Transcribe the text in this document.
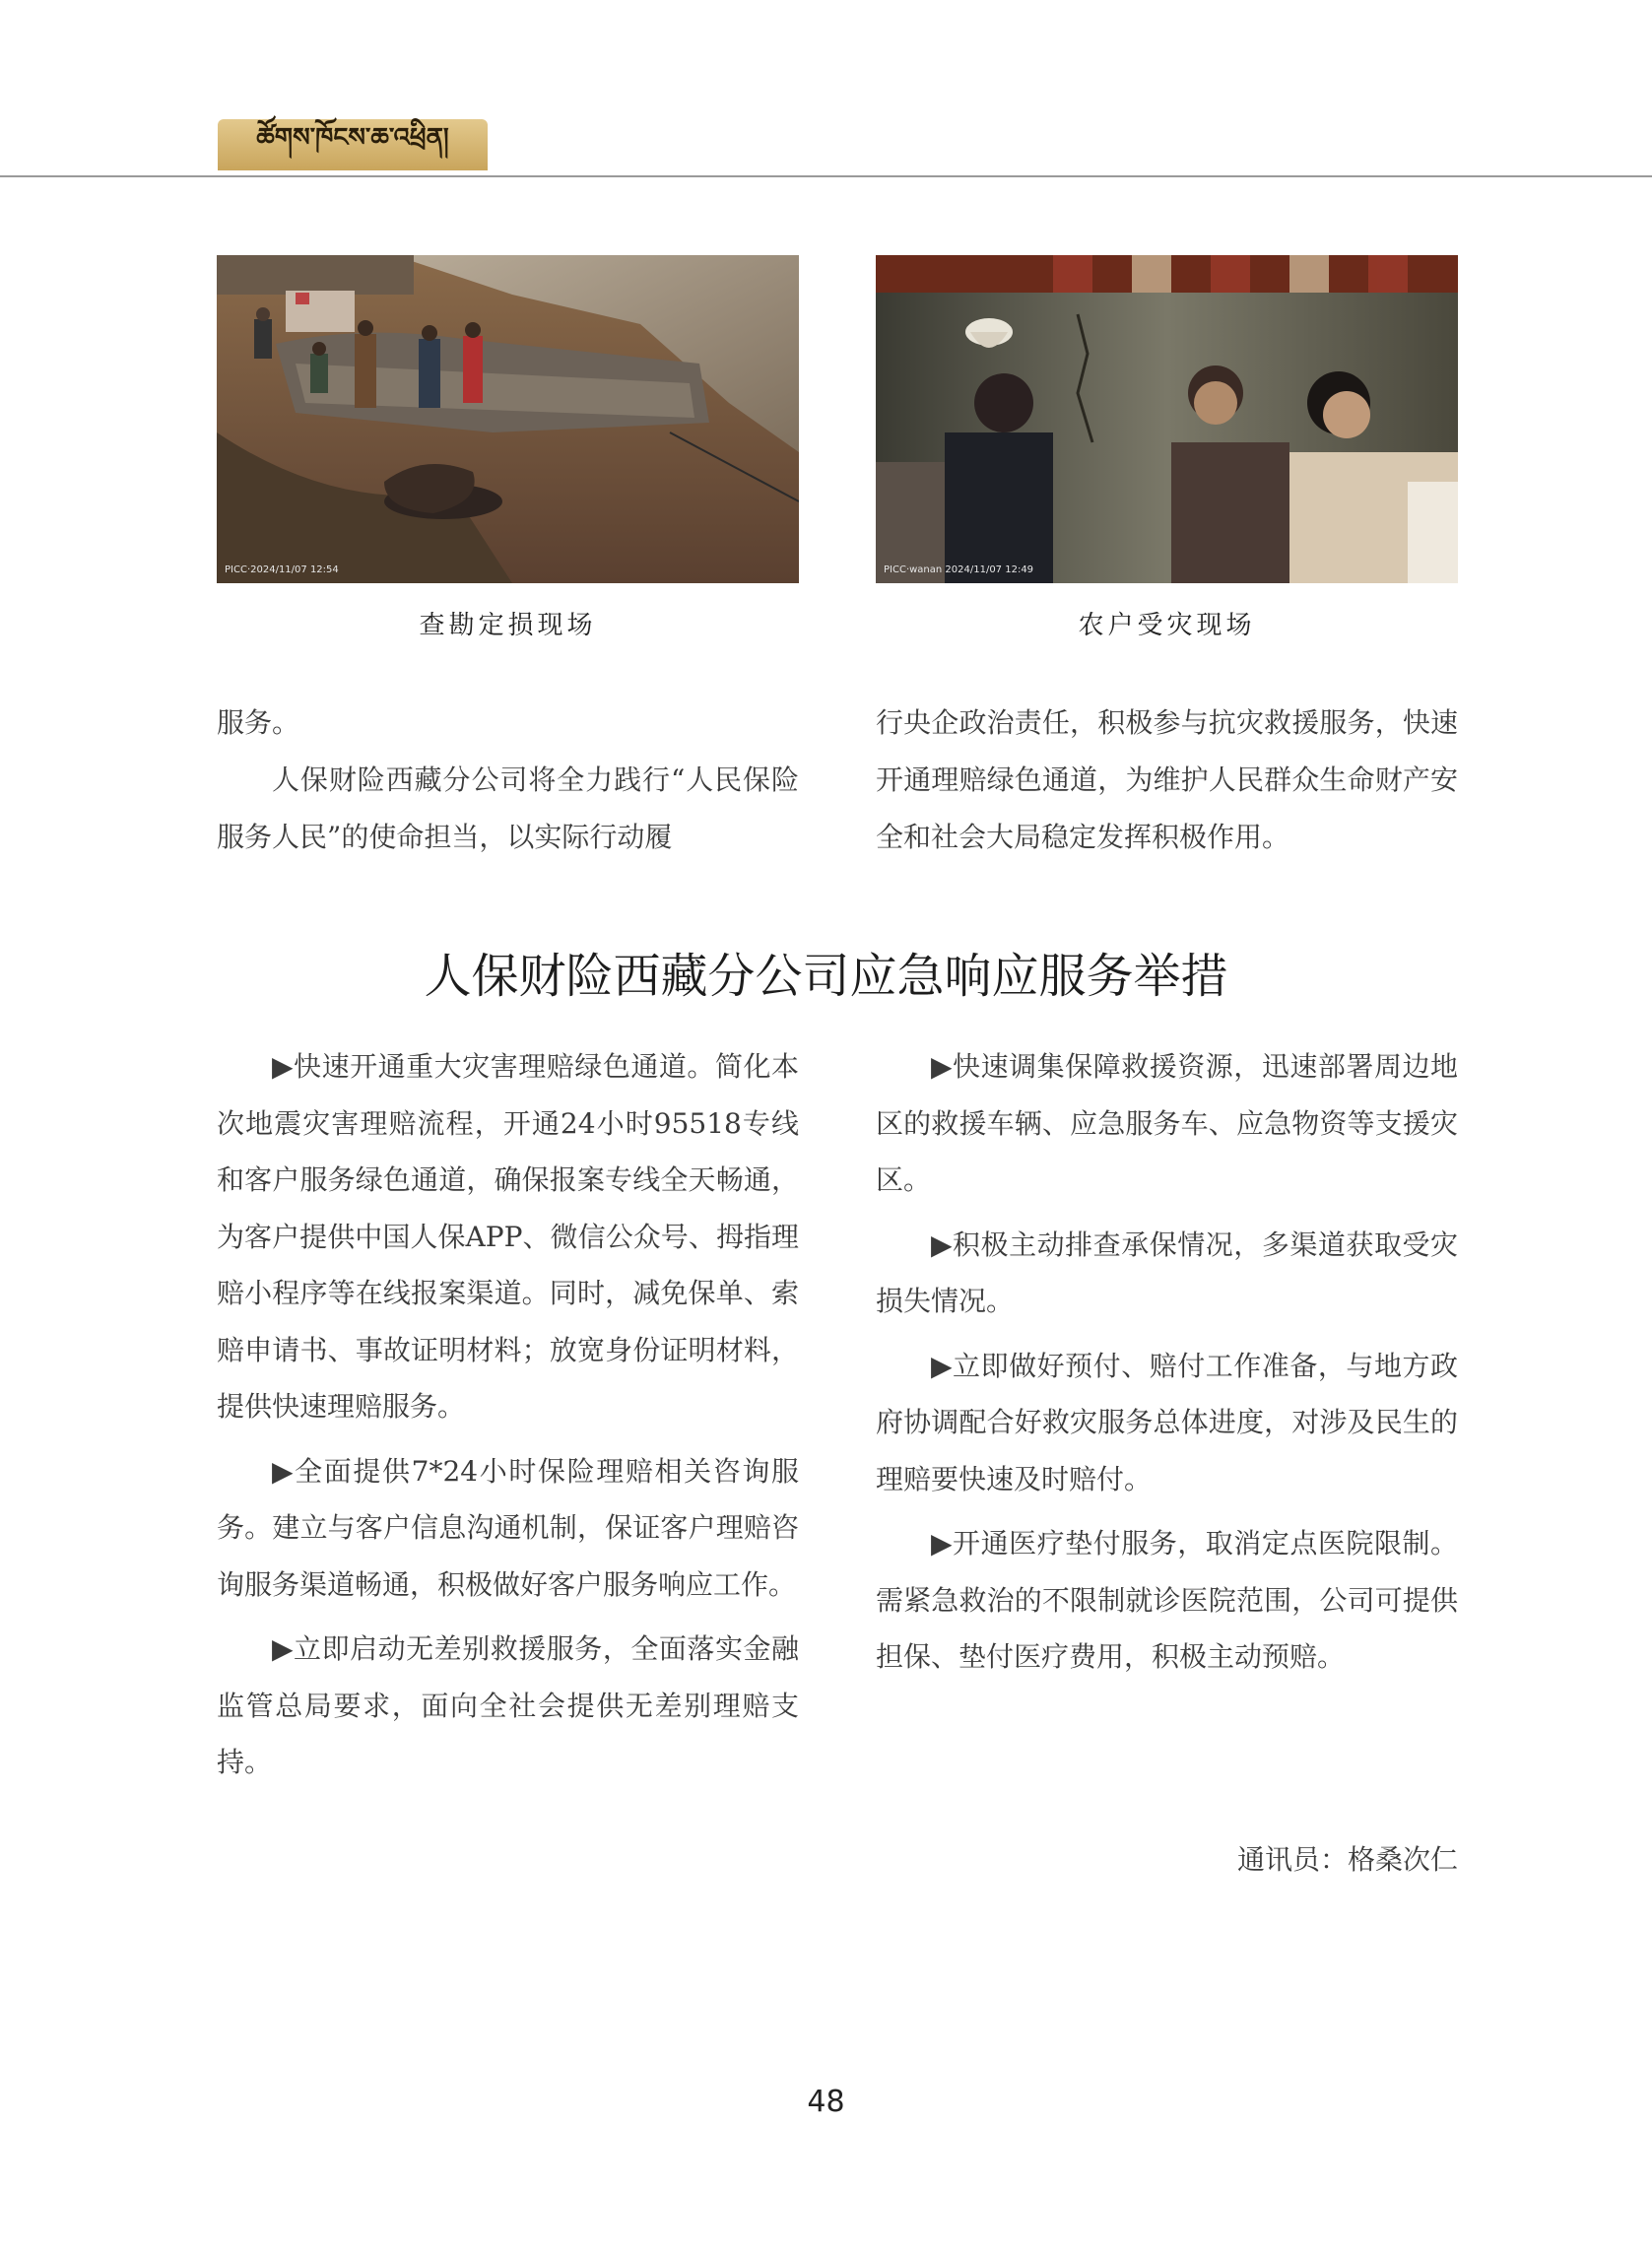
ཚོགས་ཁོངས་ཆ་འཕྲིན།
PICC·2024/11/07 12:54	PICC·wanan 2024/11/07 12:49
查勘定损现场	农户受灾现场

服务。

人保财险西藏分公司将全力践行“人民保险 服务人民”的使命担当，以实际行动履

行央企政治责任，积极参与抗灾救援服务，快速开通理赔绿色通道，为维护人民群众生命财产安全和社会大局稳定发挥积极作用。

人保财险西藏分公司应急响应服务举措

▶快速开通重大灾害理赔绿色通道。简化本次地震灾害理赔流程，开通24小时95518专线和客户服务绿色通道，确保报案专线全天畅通，为客户提供中国人保APP、微信公众号、拇指理赔小程序等在线报案渠道。同时，减免保单、索赔申请书、事故证明材料；放宽身份证明材料，提供快速理赔服务。

▶全面提供7*24小时保险理赔相关咨询服务。建立与客户信息沟通机制，保证客户理赔咨询服务渠道畅通，积极做好客户服务响应工作。

▶立即启动无差别救援服务，全面落实金融监管总局要求，面向全社会提供无差别理赔支持。

▶快速调集保障救援资源，迅速部署周边地区的救援车辆、应急服务车、应急物资等支援灾区。

▶积极主动排查承保情况，多渠道获取受灾损失情况。

▶立即做好预付、赔付工作准备，与地方政府协调配合好救灾服务总体进度，对涉及民生的理赔要快速及时赔付。

▶开通医疗垫付服务，取消定点医院限制。需紧急救治的不限制就诊医院范围，公司可提供担保、垫付医疗费用，积极主动预赔。

通讯员：格桑次仁
48
